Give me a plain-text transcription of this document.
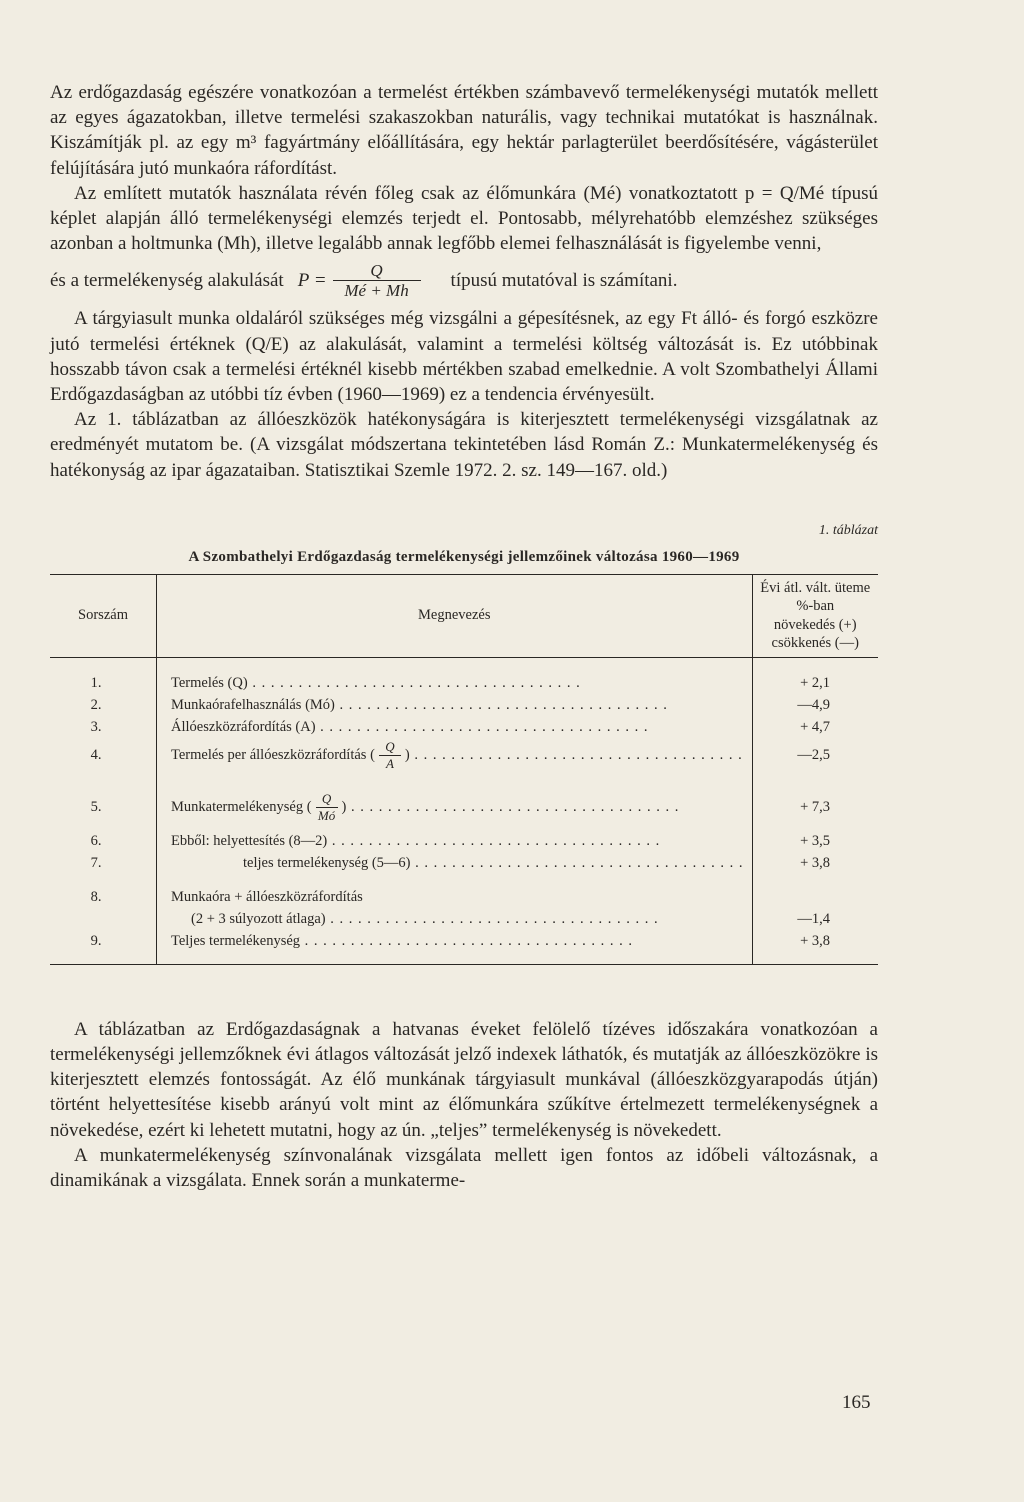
Az erdőgazdaság egészére vonatkozóan a termelést értékben számbavevő termelékenységi mutatók mellett az egyes ágazatokban, illetve termelési szakaszokban naturális, vagy technikai mutatókat is használnak. Kiszámítják pl. az egy m³ fagyártmány előállítására, egy hektár parlagterület beerdősítésére, vágásterület felújítására jutó munkaóra ráfordítást.

Az említett mutatók használata révén főleg csak az élőmunkára (Mé) vonatkoztatott p = Q/Mé típusú képlet alapján álló termelékenységi elemzés terjedt el. Pontosabb, mélyrehatóbb elemzéshez szükséges azonban a holtmunka (Mh), illetve legalább annak legfőbb elemei felhasználását is figyelembe venni,

és a termelékenység alakulását $P = \frac{Q}{Mé + Mh}$ típusú mutatóval is számítani.

A tárgyiasult munka oldaláról szükséges még vizsgálni a gépesítésnek, az egy Ft álló- és forgó eszközre jutó termelési értéknek (Q/E) az alakulását, valamint a termelési költség változását is. Ez utóbbinak hosszabb távon csak a termelési értéknél kisebb mértékben szabad emelkednie. A volt Szombathelyi Állami Erdőgazdaságban az utóbbi tíz évben (1960—1969) ez a tendencia érvényesült.

Az 1. táblázatban az állóeszközök hatékonyságára is kiterjesztett termelékenységi vizsgálatnak az eredményét mutatom be. (A vizsgálat módszertana tekintetében lásd Román Z.: Munkatermelékenység és hatékonyság az ipar ágazataiban. Statisztikai Szemle 1972. 2. sz. 149—167. old.)

1. táblázat
A Szombathelyi Erdőgazdaság termelékenységi jellemzőinek változása 1960—1969
Sorszám	Megnevezés	Évi átl. vált. üteme
%-ban
növekedés (+)
csökkenés (—)

1.	Termelés (Q) . . .	+ 2,1
2.	Munkaórafelhasználás (Mó) . . .	—4,9
3.	Állóeszközráfordítás (A) . . .	+ 4,7
4.	Termelés per állóeszközráfordítás ( $\frac{Q}{A}$ ) . . .	—2,5

5.	Munkatermelékenység ( $\frac{Q}{Mó}$ ) . . .	+ 7,3
6.	Ebből: helyettesítés (8—2) . . .	+ 3,5
7.	teljes termelékenység (5—6) . . .	+ 3,8

8.	Munkaóra + állóeszközráfordítás	
	(2 + 3 súlyozott átlaga) . . .	—1,4
9.	Teljes termelékenység . . .	+ 3,8

A táblázatban az Erdőgazdaságnak a hatvanas éveket felölelő tízéves időszakára vonatkozóan a termelékenységi jellemzőknek évi átlagos változását jelző indexek láthatók, és mutatják az állóeszközökre is kiterjesztett elemzés fontosságát. Az élő munkának tárgyiasult munkával (állóeszközgyarapodás útján) történt helyettesítése kisebb arányú volt mint az élőmunkára szűkítve értelmezett termelékenységnek a növekedése, ezért ki lehetett mutatni, hogy az ún. „teljes” termelékenység is növekedett.

A munkatermelékenység színvonalának vizsgálata mellett igen fontos az időbeli változásnak, a dinamikának a vizsgálata. Ennek során a munkaterme-

165
